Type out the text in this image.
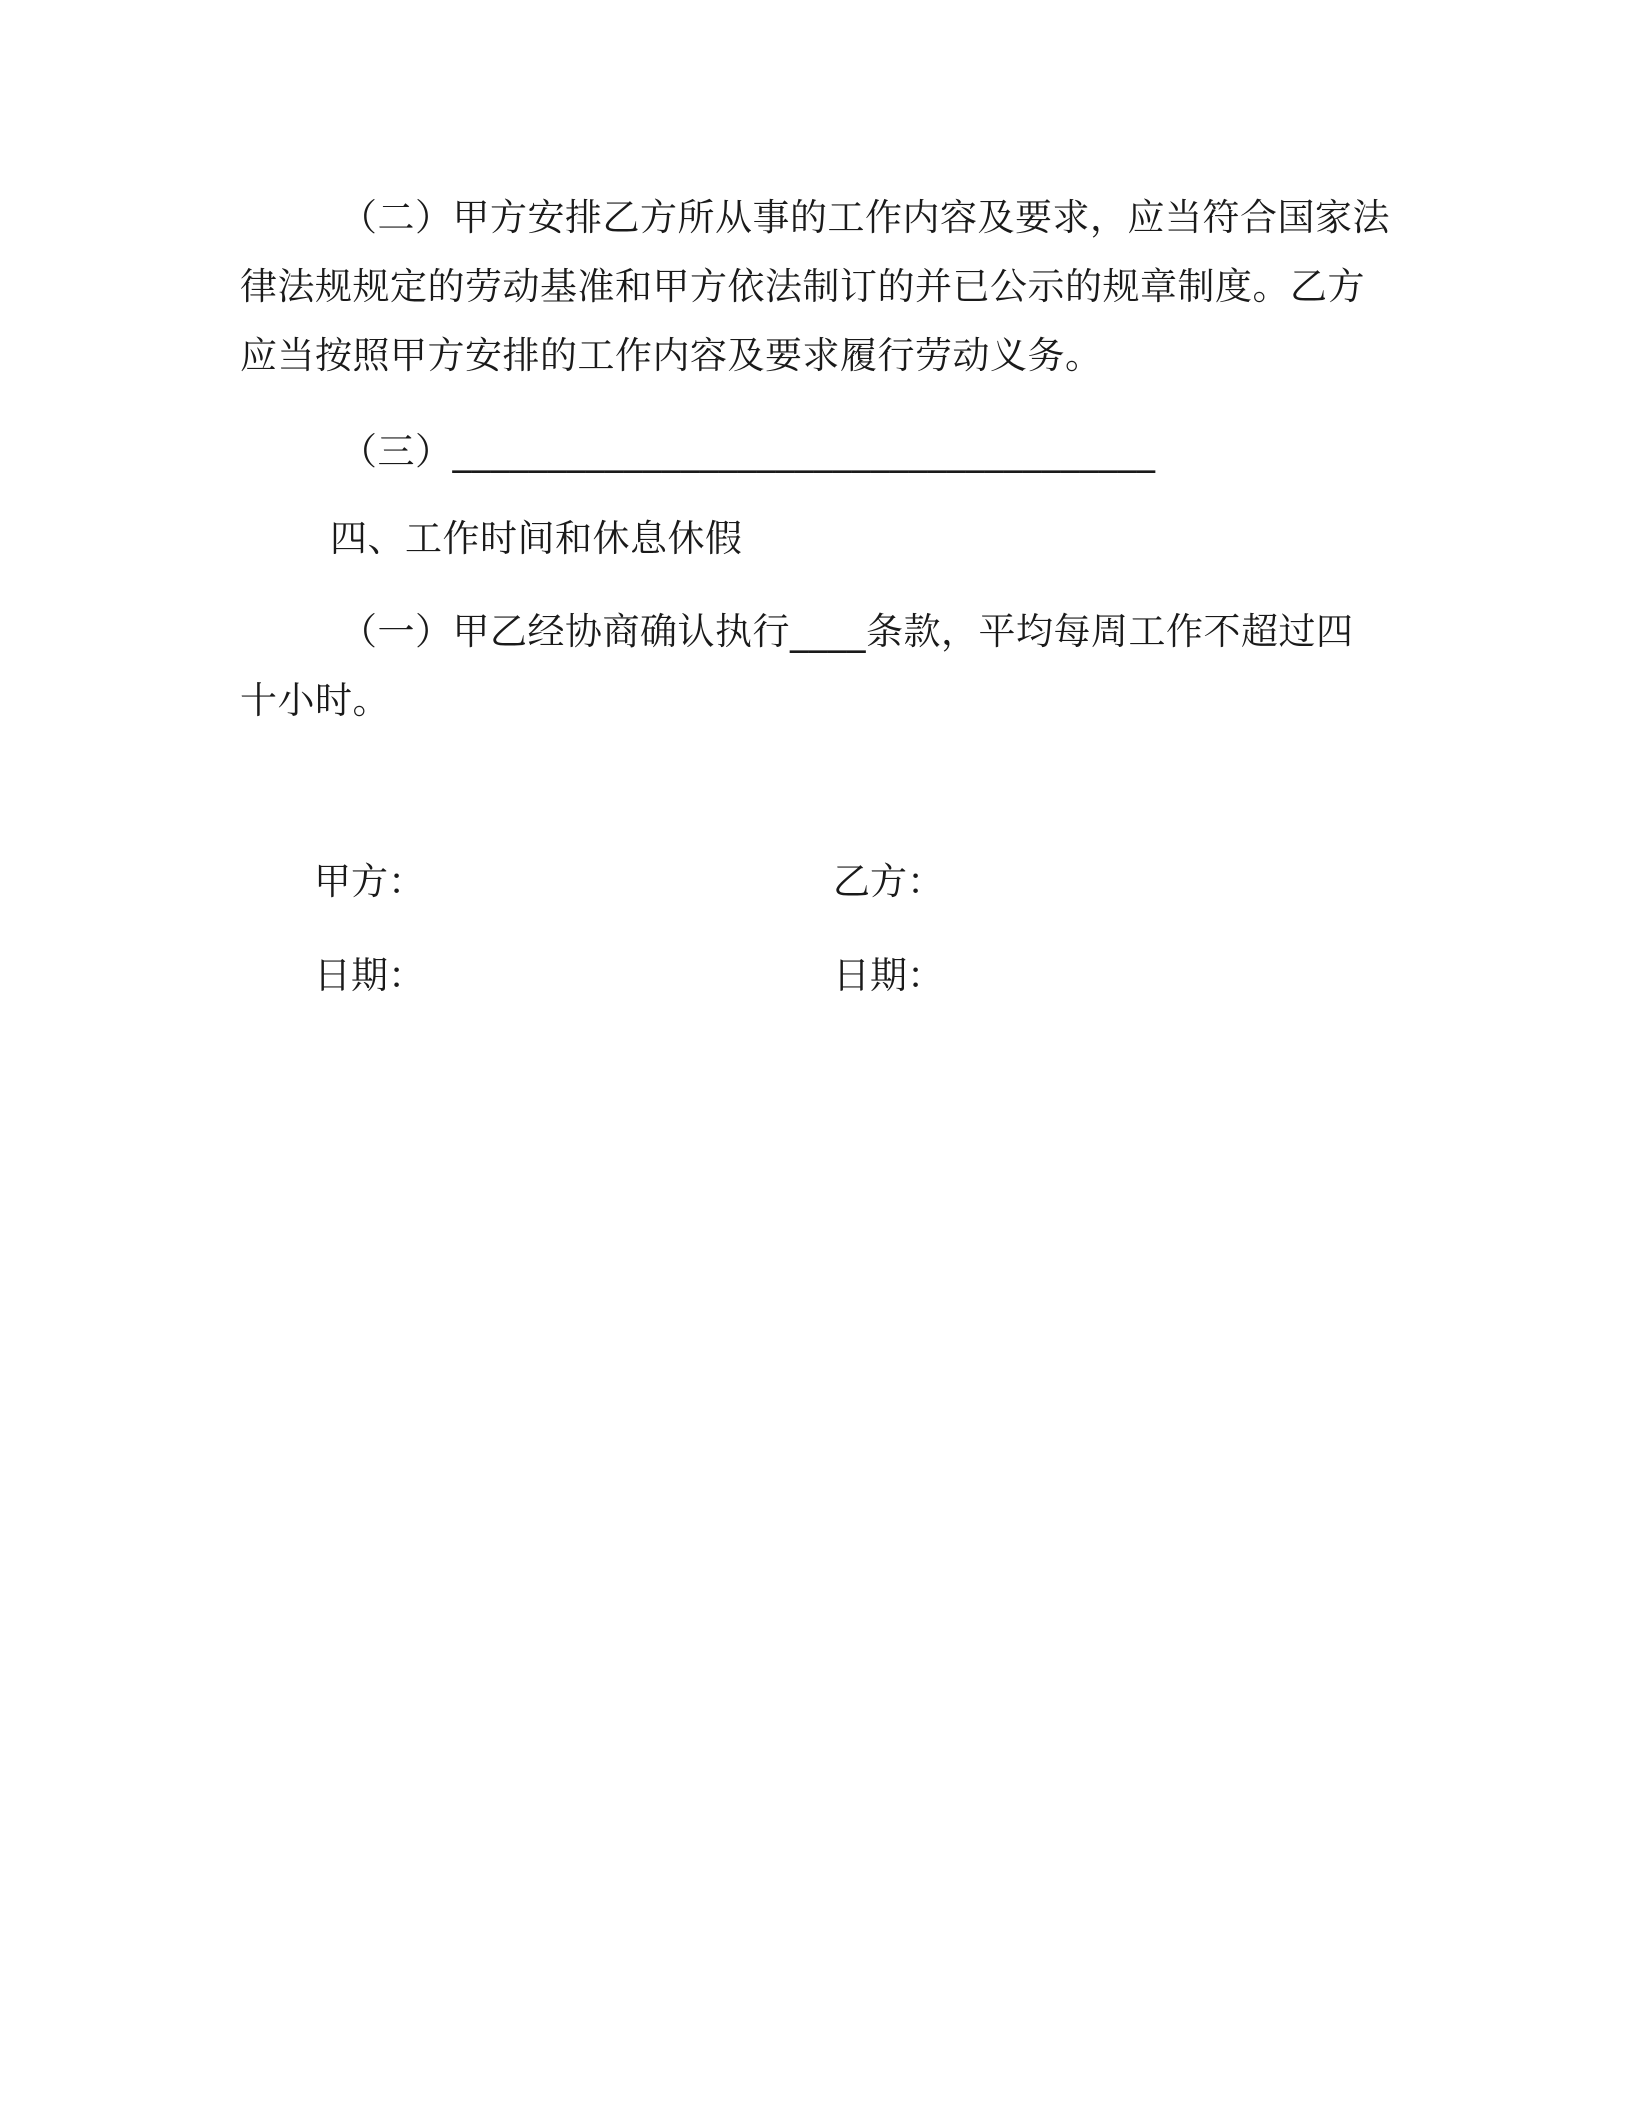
（二）甲方安排乙方所从事的工作内容及要求，应当符合国家法律法规规定的劳动基准和甲方依法制订的并已公示的规章制度。乙方应当按照甲方安排的工作内容及要求履行劳动义务。

（三）_____________________________________

四、工作时间和休息休假

（一）甲乙经协商确认执行____条款，平均每周工作不超过四十小时。

甲方：	乙方：

日期：	日期：
